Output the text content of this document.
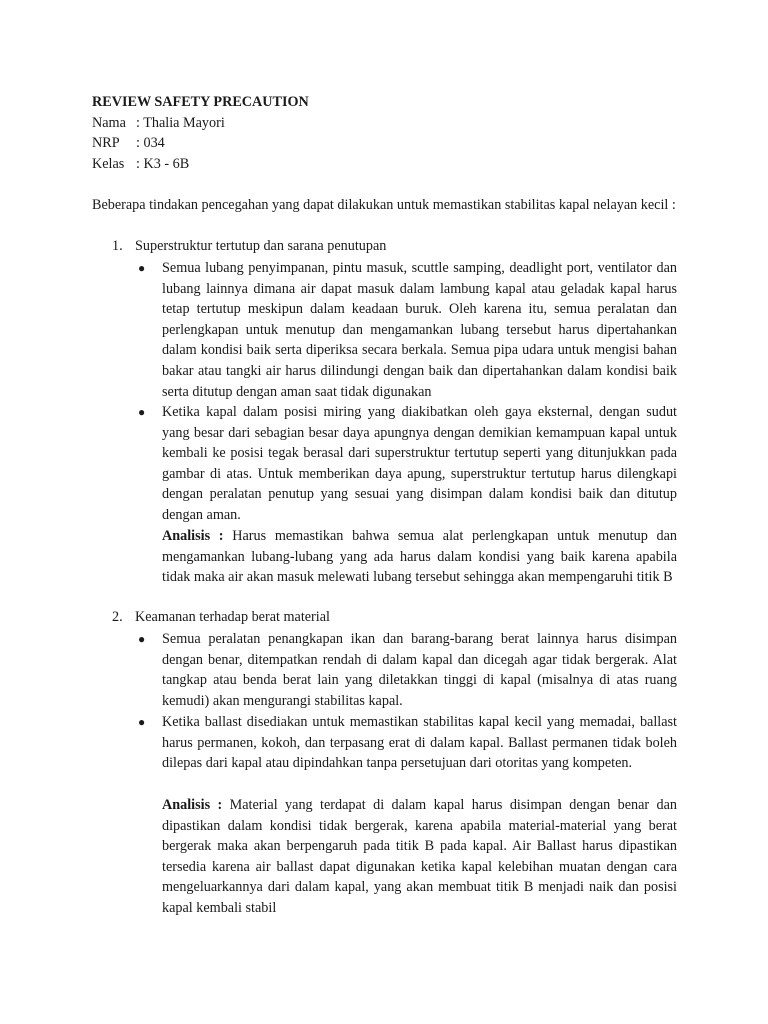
REVIEW SAFETY PRECAUTION
Nama : Thalia Mayori
NRP : 034
Kelas : K3 - 6B

Beberapa tindakan pencegahan yang dapat dilakukan untuk memastikan stabilitas kapal nelayan kecil :

1. Superstruktur tertutup dan sarana penutupan
● Semua lubang penyimpanan, pintu masuk, scuttle samping, deadlight port, ventilator dan lubang lainnya dimana air dapat masuk dalam lambung kapal atau geladak kapal harus tetap tertutup meskipun dalam keadaan buruk. Oleh karena itu, semua peralatan dan perlengkapan untuk menutup dan mengamankan lubang tersebut harus dipertahankan dalam kondisi baik serta diperiksa secara berkala. Semua pipa udara untuk mengisi bahan bakar atau tangki air harus dilindungi dengan baik dan dipertahankan dalam kondisi baik serta ditutup dengan aman saat tidak digunakan
● Ketika kapal dalam posisi miring yang diakibatkan oleh gaya eksternal, dengan sudut yang besar dari sebagian besar daya apungnya dengan demikian kemampuan kapal untuk kembali ke posisi tegak berasal dari superstruktur tertutup seperti yang ditunjukkan pada gambar di atas. Untuk memberikan daya apung, superstruktur tertutup harus dilengkapi dengan peralatan penutup yang sesuai yang disimpan dalam kondisi baik dan ditutup dengan aman.

Analisis : Harus memastikan bahwa semua alat perlengkapan untuk menutup dan mengamankan lubang-lubang yang ada harus dalam kondisi yang baik karena apabila tidak maka air akan masuk melewati lubang tersebut sehingga akan mempengaruhi titik B

2. Keamanan terhadap berat material
● Semua peralatan penangkapan ikan dan barang-barang berat lainnya harus disimpan dengan benar, ditempatkan rendah di dalam kapal dan dicegah agar tidak bergerak. Alat tangkap atau benda berat lain yang diletakkan tinggi di kapal (misalnya di atas ruang kemudi) akan mengurangi stabilitas kapal.
● Ketika ballast disediakan untuk memastikan stabilitas kapal kecil yang memadai, ballast harus permanen, kokoh, dan terpasang erat di dalam kapal. Ballast permanen tidak boleh dilepas dari kapal atau dipindahkan tanpa persetujuan dari otoritas yang kompeten.

Analisis : Material yang terdapat di dalam kapal harus disimpan dengan benar dan dipastikan dalam kondisi tidak bergerak, karena apabila material-material yang berat bergerak maka akan berpengaruh pada titik B pada kapal. Air Ballast harus dipastikan tersedia karena air ballast dapat digunakan ketika kapal kelebihan muatan dengan cara mengeluarkannya dari dalam kapal, yang akan membuat titik B menjadi naik dan posisi kapal kembali stabil
